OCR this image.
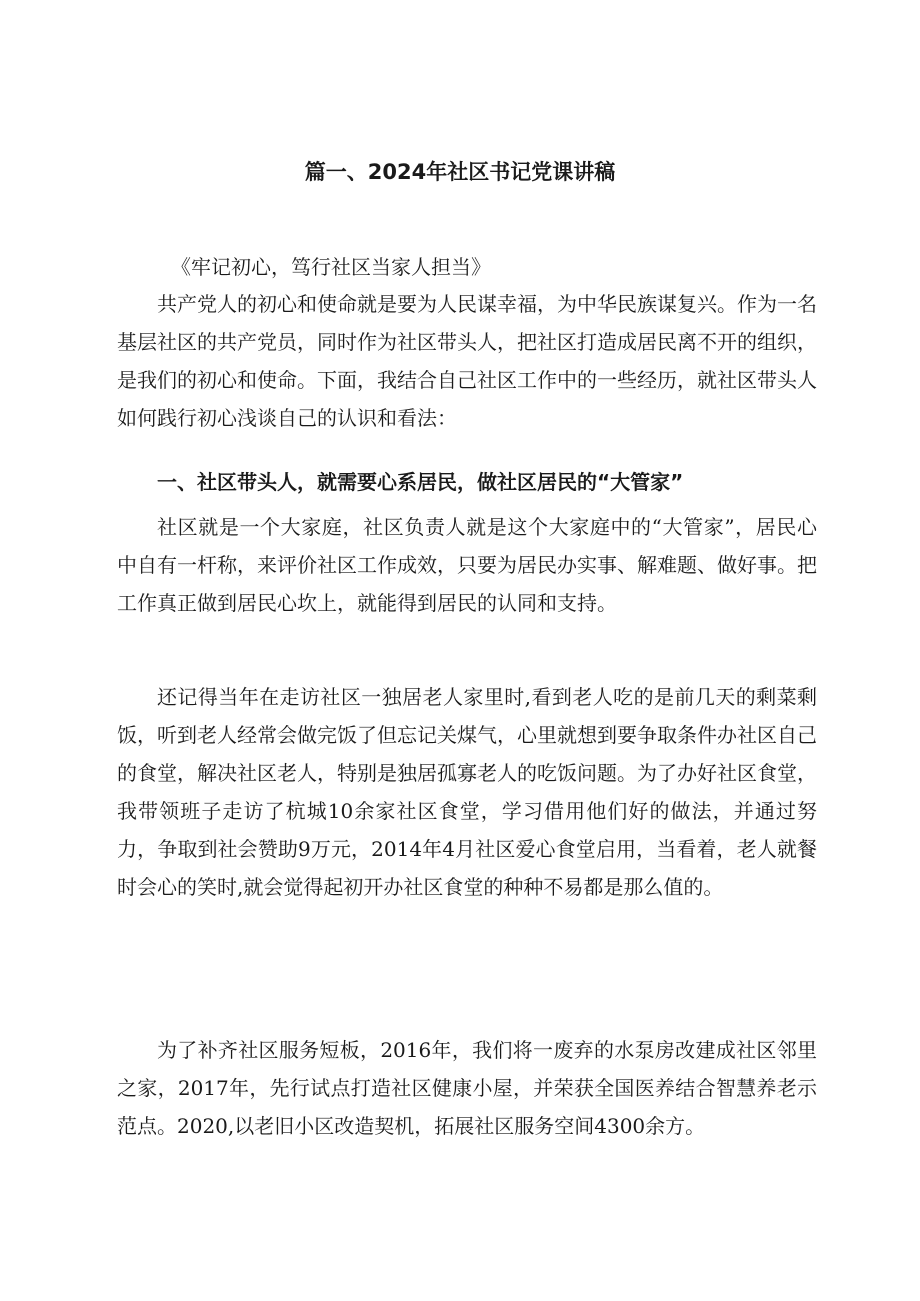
篇一、2024年社区书记党课讲稿

《牢记初心，笃行社区当家人担当》

共产党人的初心和使命就是要为人民谋幸福，为中华民族谋复兴。作为一名基层社区的共产党员，同时作为社区带头人，把社区打造成居民离不开的组织，是我们的初心和使命。下面，我结合自己社区工作中的一些经历，就社区带头人如何践行初心浅谈自己的认识和看法：

一、社区带头人，就需要心系居民，做社区居民的“大管家”

社区就是一个大家庭，社区负责人就是这个大家庭中的“大管家”，居民心中自有一杆称，来评价社区工作成效，只要为居民办实事、解难题、做好事。把工作真正做到居民心坎上，就能得到居民的认同和支持。

还记得当年在走访社区一独居老人家里时,看到老人吃的是前几天的剩菜剩饭，听到老人经常会做完饭了但忘记关煤气，心里就想到要争取条件办社区自己的食堂，解决社区老人，特别是独居孤寡老人的吃饭问题。为了办好社区食堂，我带领班子走访了杭城10余家社区食堂，学习借用他们好的做法，并通过努力，争取到社会赞助9万元，2014年4月社区爱心食堂启用，当看着，老人就餐时会心的笑时,就会觉得起初开办社区食堂的种种不易都是那么值的。

为了补齐社区服务短板，2016年，我们将一废弃的水泵房改建成社区邻里之家，2017年，先行试点打造社区健康小屋，并荣获全国医养结合智慧养老示范点。2020,以老旧小区改造契机，拓展社区服务空间4300余方。
